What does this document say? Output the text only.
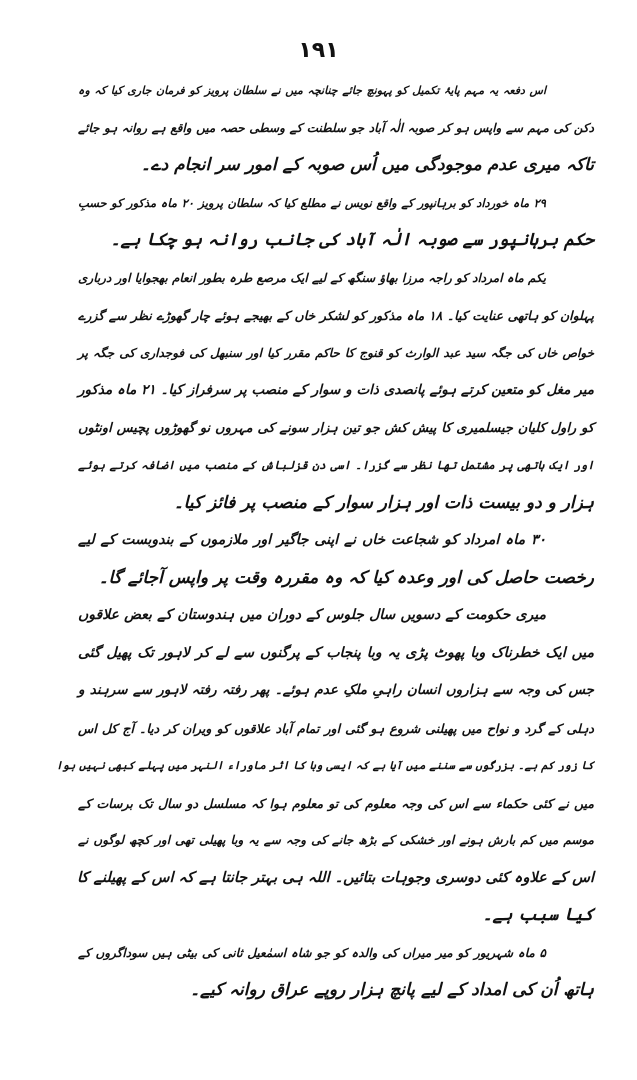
١٩١
اس دفعہ یہ مہم پایۂ تکمیل کو پہونچ جائے چنانچہ میں نے سلطان پرویز کو فرمان جاری کیا کہ وہ
دکن کی مہم سے واپس ہو کر صوبہ الٰہ آباد جو سلطنت کے وسطی حصہ میں واقع ہے روانہ ہو جائے
تاکہ میری عدم موجودگی میں اُس صوبہ کے امور سر انجام دے۔
۲۹ ماہ خورداد کو برہانپور کے واقع نویس نے مطلع کیا کہ سلطان پرویز ۲۰ ماہ مذکور کو حسبِ
حکم برہانپور سے صوبہ الٰہ آباد کی جانب روانہ ہو چکا ہے۔
یکم ماہ امرداد کو راجہ مرزا بھاؤ سنگھ کے لیے ایک مرصع طرہ بطور انعام بھجوایا اور درباری
پہلوان کو ہاتھی عنایت کیا۔ ۱۸ ماہ مذکور کو لشکر خاں کے بھیجے ہوئے چار گھوڑے نظر سے گزرے
خواص خاں کی جگہ سید عبد الوارث کو قنوج کا حاکم مقرر کیا اور سنبھل کی فوجداری کی جگہ پر
میر مغل کو متعین کرتے ہوئے پانصدی ذات و سوار کے منصب پر سرفراز کیا۔ ۲۱ ماہ مذکور
کو راول کلیان جیسلمیری کا پیش کش جو تین ہزار سونے کی مہروں نو گھوڑوں پچیس اونٹوں
اور ایک ہاتھی پر مشتمل تھا نظر سے گزرا۔ اسی دن قزلباش کے منصب میں اضافہ کرتے ہوئے
ہزار و دو بیست ذات اور ہزار سوار کے منصب پر فائز کیا۔
۳۰ ماہ امرداد کو شجاعت خاں نے اپنی جاگیر اور ملازموں کے بندوبست کے لیے
رخصت حاصل کی اور وعدہ کیا کہ وہ مقررہ وقت پر واپس آجائے گا۔
میری حکومت کے دسویں سال جلوس کے دوران میں ہندوستان کے بعض علاقوں
میں ایک خطرناک وبا پھوٹ پڑی یہ وبا پنجاب کے پرگنوں سے لے کر لاہور تک پھیل گئی
جس کی وجہ سے ہزاروں انسان راہیِ ملکِ عدم ہوئے۔ پھر رفتہ رفتہ لاہور سے سرہند و
دہلی کے گرد و نواح میں پھیلنی شروع ہو گئی اور تمام آباد علاقوں کو ویران کر دیا۔ آج کل اس
کا زور کم ہے۔ بزرگوں سے سننے میں آیا ہے کہ ایسی وبا کا اثر ماوراء النہر میں پہلے کبھی نہیں ہوا
میں نے کئی حکماء سے اس کی وجہ معلوم کی تو معلوم ہوا کہ مسلسل دو سال تک برسات کے
موسم میں کم بارش ہونے اور خشکی کے بڑھ جانے کی وجہ سے یہ وبا پھیلی تھی اور کچھ لوگوں نے
اس کے علاوہ کئی دوسری وجوہات بتائیں۔ اللہ ہی بہتر جانتا ہے کہ اس کے پھیلنے کا
کیا سبب ہے۔
۵ ماہ شہریور کو میر میراں کی والدہ کو جو شاہ اسمٰعیل ثانی کی بیٹی ہیں سوداگروں کے
ہاتھ اُن کی امداد کے لیے پانچ ہزار روپے عراق روانہ کیے۔
